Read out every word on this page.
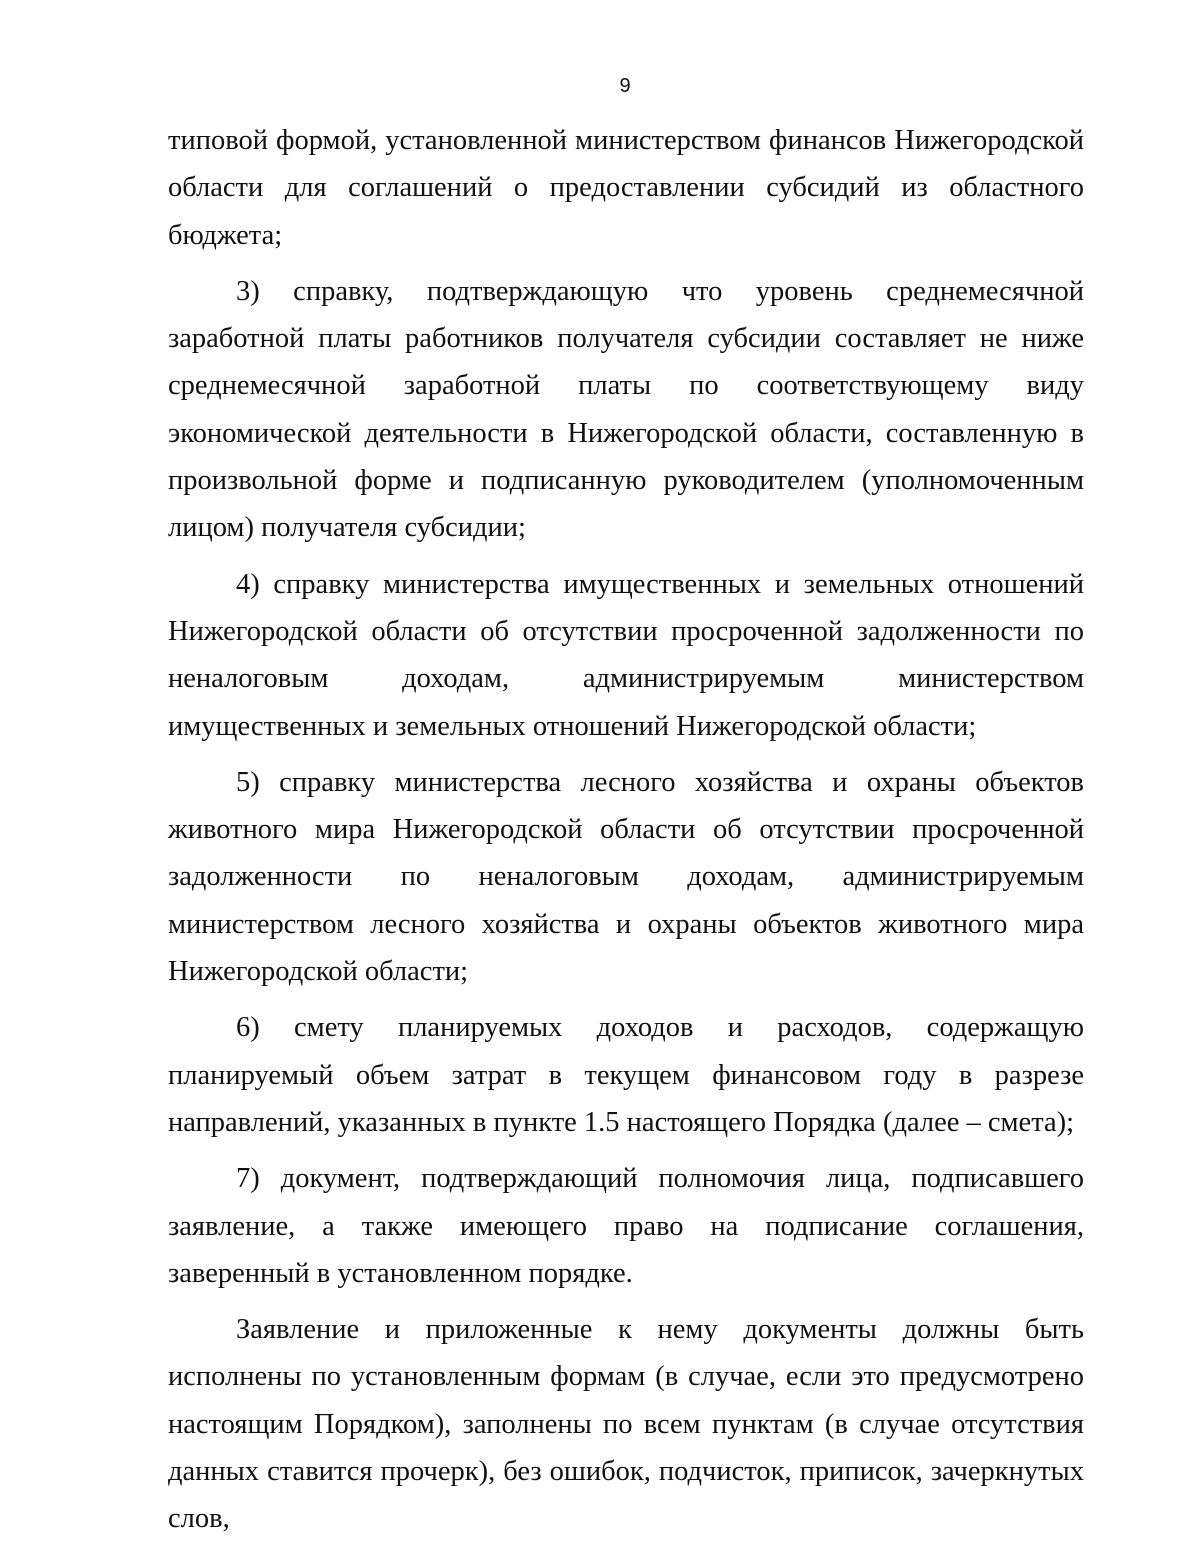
9

типовой формой, установленной министерством финансов Нижегородской области для соглашений о предоставлении субсидий из областного бюджета;

3) справку, подтверждающую что уровень среднемесячной заработной платы работников получателя субсидии составляет не ниже среднемесячной заработной платы по соответствующему виду экономической деятельности в Нижегородской области, составленную в произвольной форме и подписанную руководителем (уполномоченным лицом) получателя субсидии;

4) справку министерства имущественных и земельных отношений Нижегородской области об отсутствии просроченной задолженности по неналоговым доходам, администрируемым министерством имущественных и земельных отношений Нижегородской области;

5) справку министерства лесного хозяйства и охраны объектов животного мира Нижегородской области об отсутствии просроченной задолженности по неналоговым доходам, администрируемым министерством лесного хозяйства и охраны объектов животного мира Нижегородской области;

6) смету планируемых доходов и расходов, содержащую планируемый объем затрат в текущем финансовом году в разрезе направлений, указанных в пункте 1.5 настоящего Порядка (далее – смета);

7) документ, подтверждающий полномочия лица, подписавшего заявление, а также имеющего право на подписание соглашения, заверенный в установленном порядке.

Заявление и приложенные к нему документы должны быть исполнены по установленным формам (в случае, если это предусмотрено настоящим Порядком), заполнены по всем пунктам (в случае отсутствия данных ставится прочерк), без ошибок, подчисток, приписок, зачеркнутых слов,
